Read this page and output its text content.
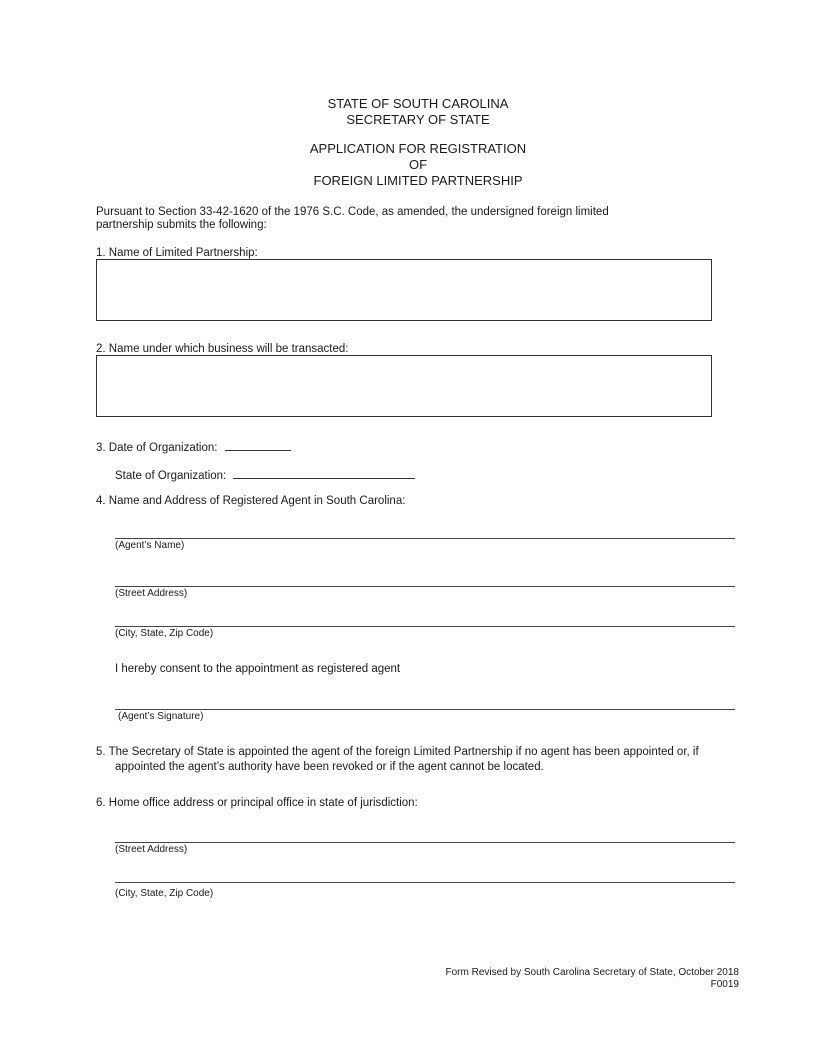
STATE OF SOUTH CAROLINA
SECRETARY OF STATE
APPLICATION FOR REGISTRATION
OF
FOREIGN LIMITED PARTNERSHIP
Pursuant to Section 33-42-1620 of the 1976 S.C. Code, as amended, the undersigned foreign limited
partnership submits the following:
1. Name of Limited Partnership:
2. Name under which business will be transacted:
3. Date of Organization:
State of Organization:
4. Name and Address of Registered Agent in South Carolina:
(Agent’s Name)
(Street Address)
(City, State, Zip Code)
I hereby consent to the appointment as registered agent
(Agent’s Signature)
5. The Secretary of State is appointed the agent of the foreign Limited Partnership if no agent has been appointed or, if
appointed the agent’s authority have been revoked or if the agent cannot be located.
6. Home office address or principal office in state of jurisdiction:
(Street Address)
(City, State, Zip Code)
Form Revised by South Carolina Secretary of State, October 2018
F0019
